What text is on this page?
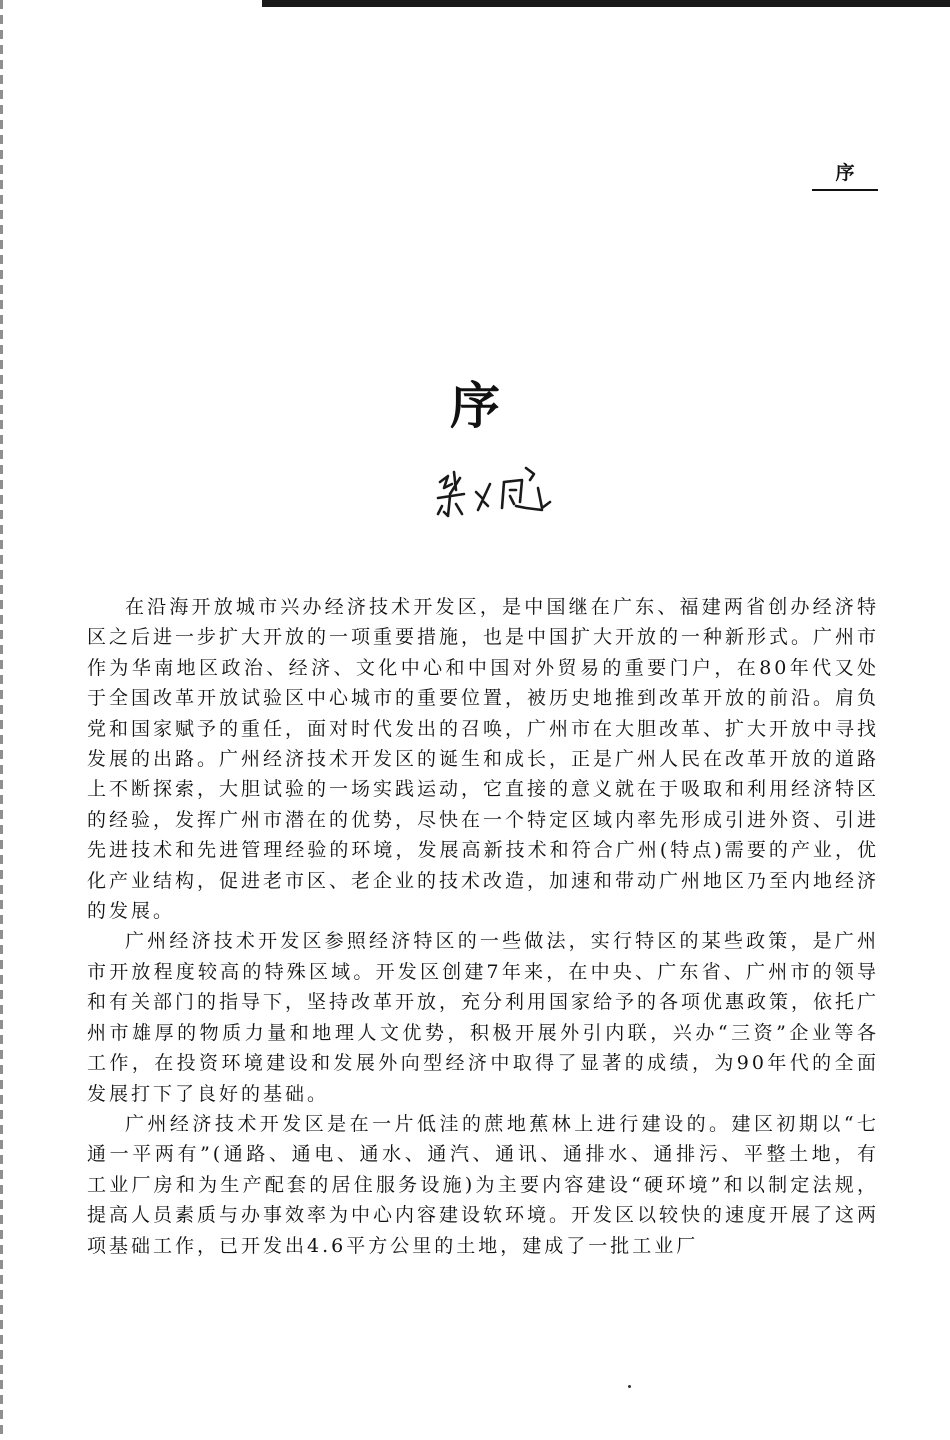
序
序

在沿海开放城市兴办经济技术开发区，是中国继在广东、福建两省创办经济特区之后进一步扩大开放的一项重要措施，也是中国扩大开放的一种新形式。广州市作为华南地区政治、经济、文化中心和中国对外贸易的重要门户，在80年代又处于全国改革开放试验区中心城市的重要位置，被历史地推到改革开放的前沿。肩负党和国家赋予的重任，面对时代发出的召唤，广州市在大胆改革、扩大开放中寻找发展的出路。广州经济技术开发区的诞生和成长，正是广州人民在改革开放的道路上不断探索，大胆试验的一场实践运动，它直接的意义就在于吸取和利用经济特区的经验，发挥广州市潜在的优势，尽快在一个特定区域内率先形成引进外资、引进先进技术和先进管理经验的环境，发展高新技术和符合广州(特点)需要的产业，优化产业结构，促进老市区、老企业的技术改造，加速和带动广州地区乃至内地经济的发展。

广州经济技术开发区参照经济特区的一些做法，实行特区的某些政策，是广州市开放程度较高的特殊区域。开发区创建7年来，在中央、广东省、广州市的领导和有关部门的指导下，坚持改革开放，充分利用国家给予的各项优惠政策，依托广州市雄厚的物质力量和地理人文优势，积极开展外引内联，兴办“三资”企业等各工作，在投资环境建设和发展外向型经济中取得了显著的成绩，为90年代的全面发展打下了良好的基础。

广州经济技术开发区是在一片低洼的蔗地蕉林上进行建设的。建区初期以“七通一平两有”(通路、通电、通水、通汽、通讯、通排水、通排污、平整土地，有工业厂房和为生产配套的居住服务设施)为主要内容建设“硬环境”和以制定法规，提高人员素质与办事效率为中心内容建设软环境。开发区以较快的速度开展了这两项基础工作，已开发出4.6平方公里的土地，建成了一批工业厂
